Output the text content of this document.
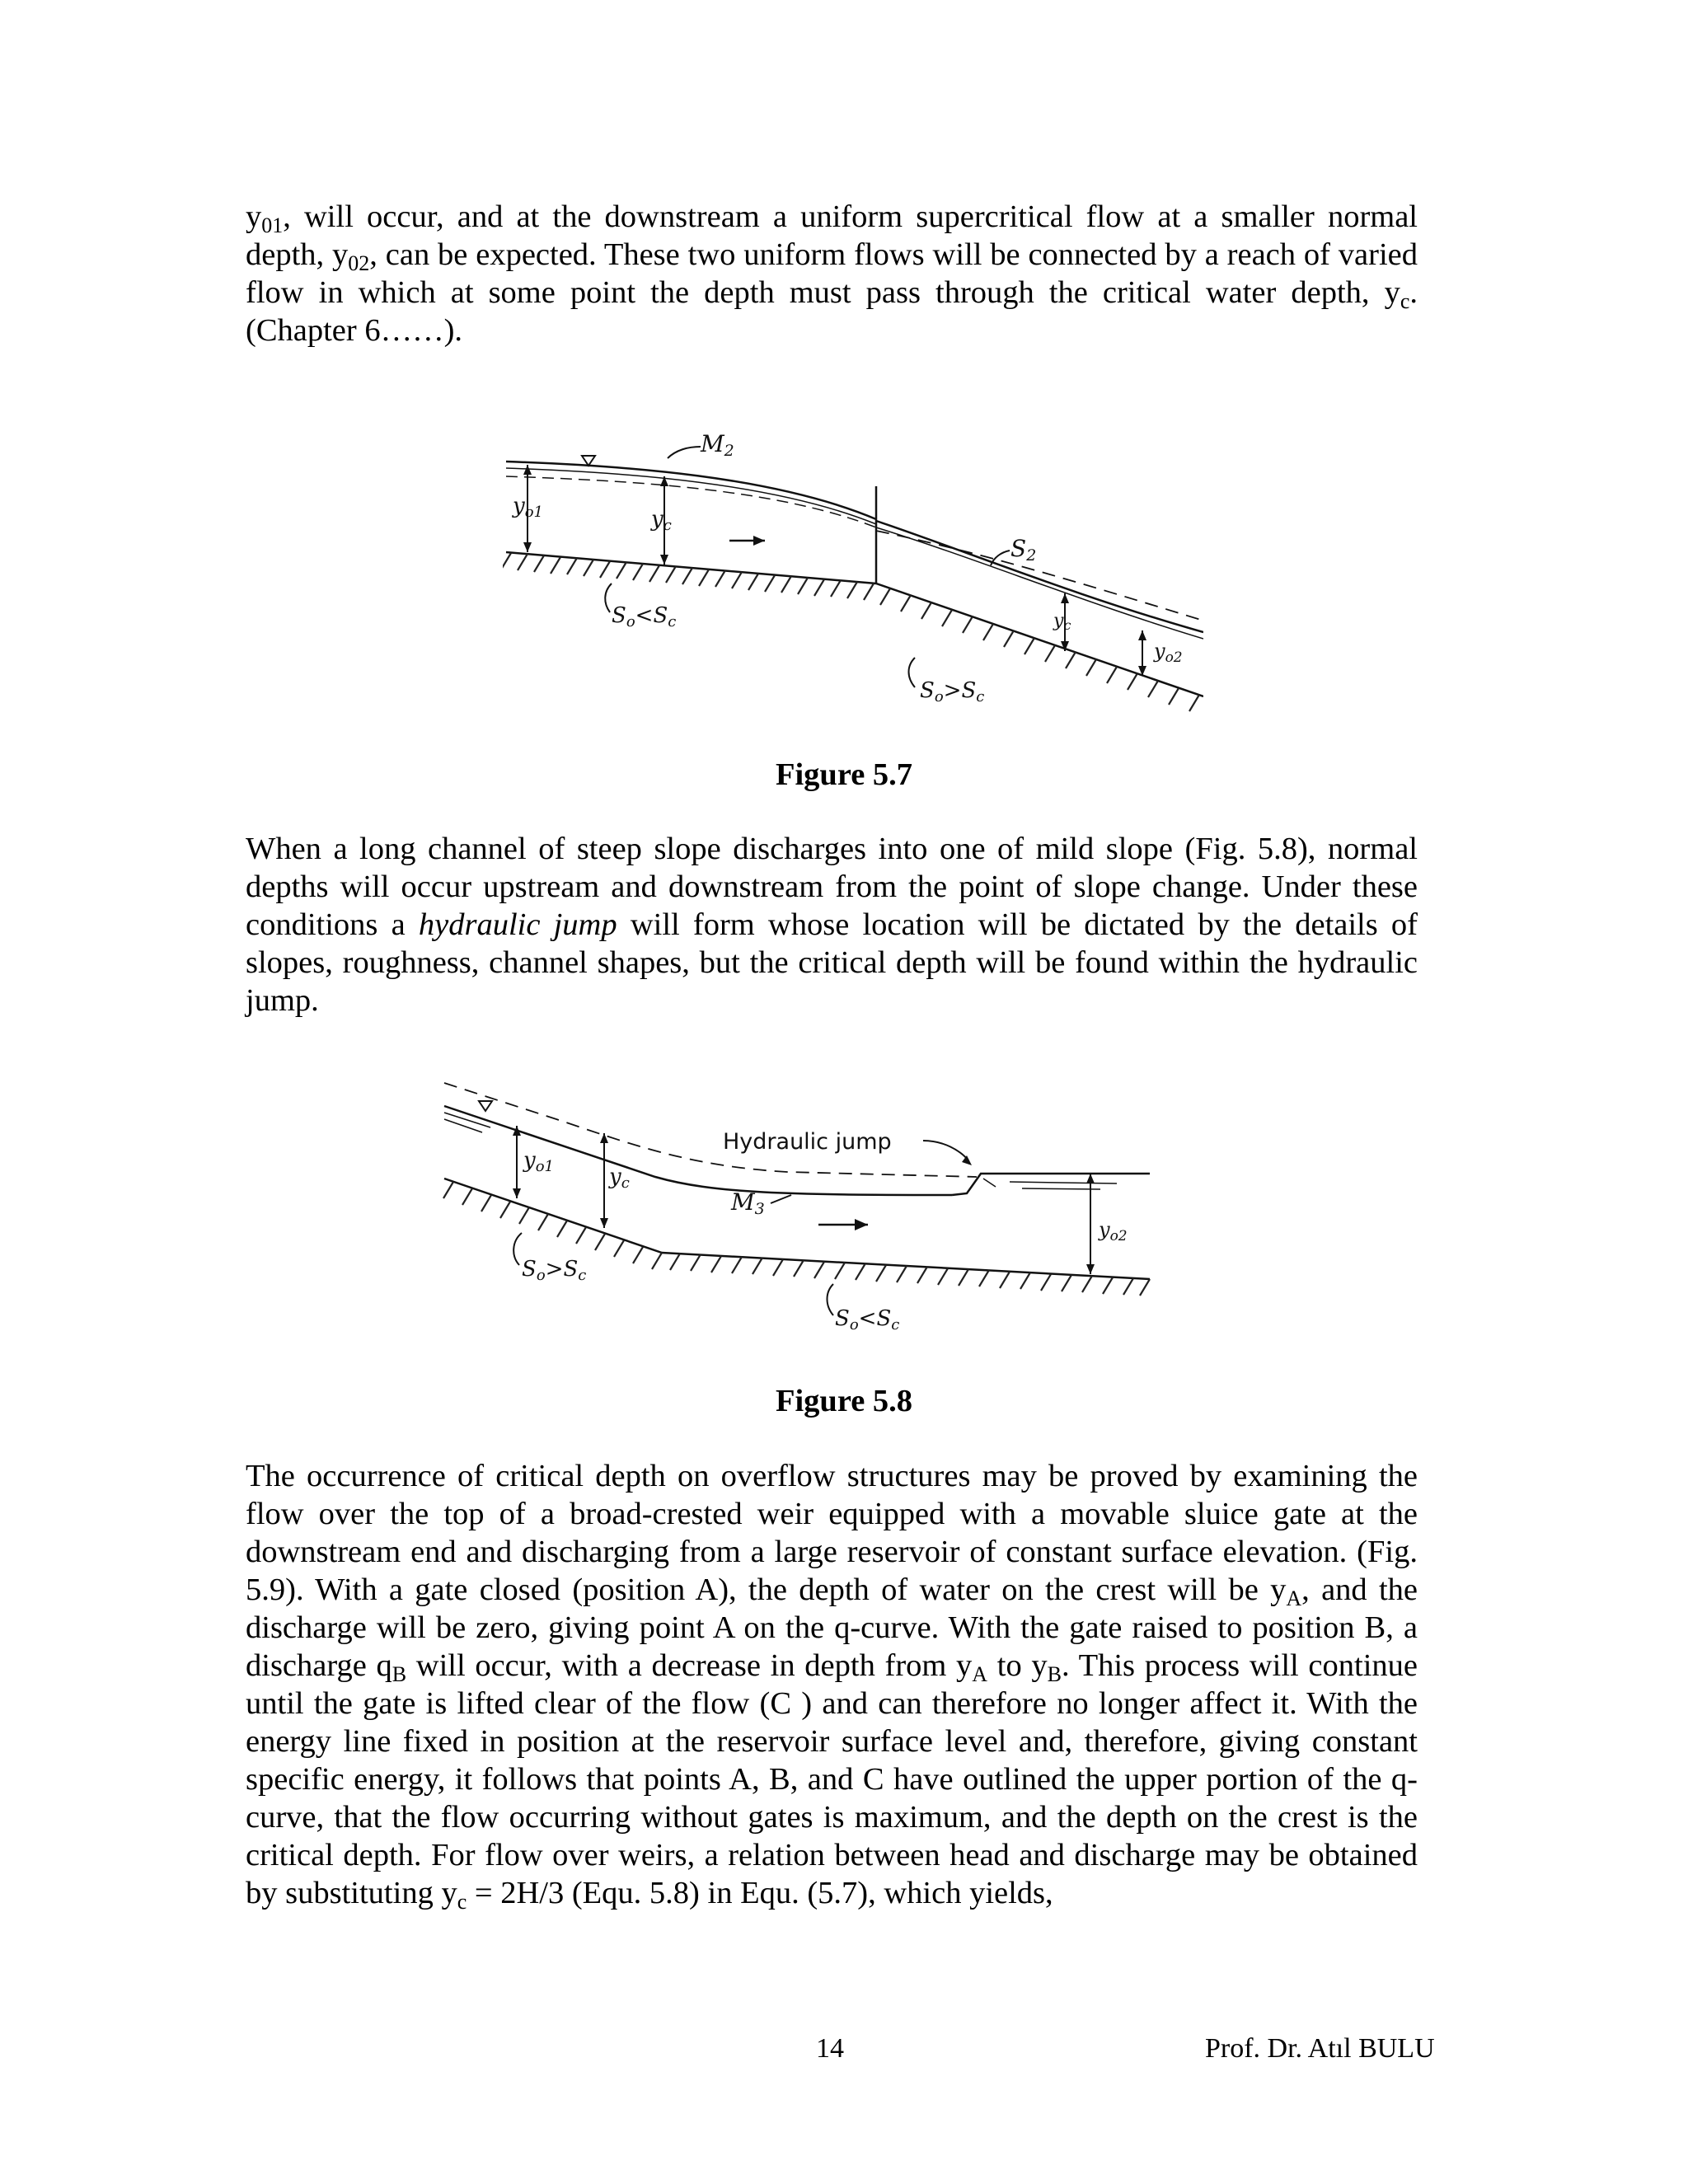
$y_{01}$, will occur, and at the downstream a uniform supercritical flow at a smaller normal depth, $y_{02}$, can be expected. These two uniform flows will be connected by a reach of varied flow in which at some point the depth must pass through the critical water depth, $y_c$. (Chapter 6……).

M2
yo1	yc
So<Sc
S2
yc
$y_{o2}$
So>Sc
Figure 5.7

When a long channel of steep slope discharges into one of mild slope (Fig. 5.8), normal depths will occur upstream and downstream from the point of slope change. Under these conditions a hydraulic jump will form whose location will be dictated by the details of slopes, roughness, channel shapes, but the critical depth will be found within the hydraulic jump.

Hydraulic jump
yo1	yc
M3
$y_{o2}$
So>Sc
So<Sc
Figure 5.8

The occurrence of critical depth on overflow structures may be proved by examining the flow over the top of a broad-crested weir equipped with a movable sluice gate at the downstream end and discharging from a large reservoir of constant surface elevation. (Fig. 5.9). With a gate closed (position A), the depth of water on the crest will be $y_A$, and the discharge will be zero, giving point A on the q-curve. With the gate raised to position B, a discharge $q_B$ will occur, with a decrease in depth from $y_A$ to $y_B$. This process will continue until the gate is lifted clear of the flow (C ) and can therefore no longer affect it. With the energy line fixed in position at the reservoir surface level and, therefore, giving constant specific energy, it follows that points A, B, and C have outlined the upper portion of the q-curve, that the flow occurring without gates is maximum, and the depth on the crest is the critical depth. For flow over weirs, a relation between head and discharge may be obtained by substituting $y_c = 2H/3$ (Equ. 5.8) in Equ. (5.7), which yields,

14	Prof. Dr. Atıl BULU
